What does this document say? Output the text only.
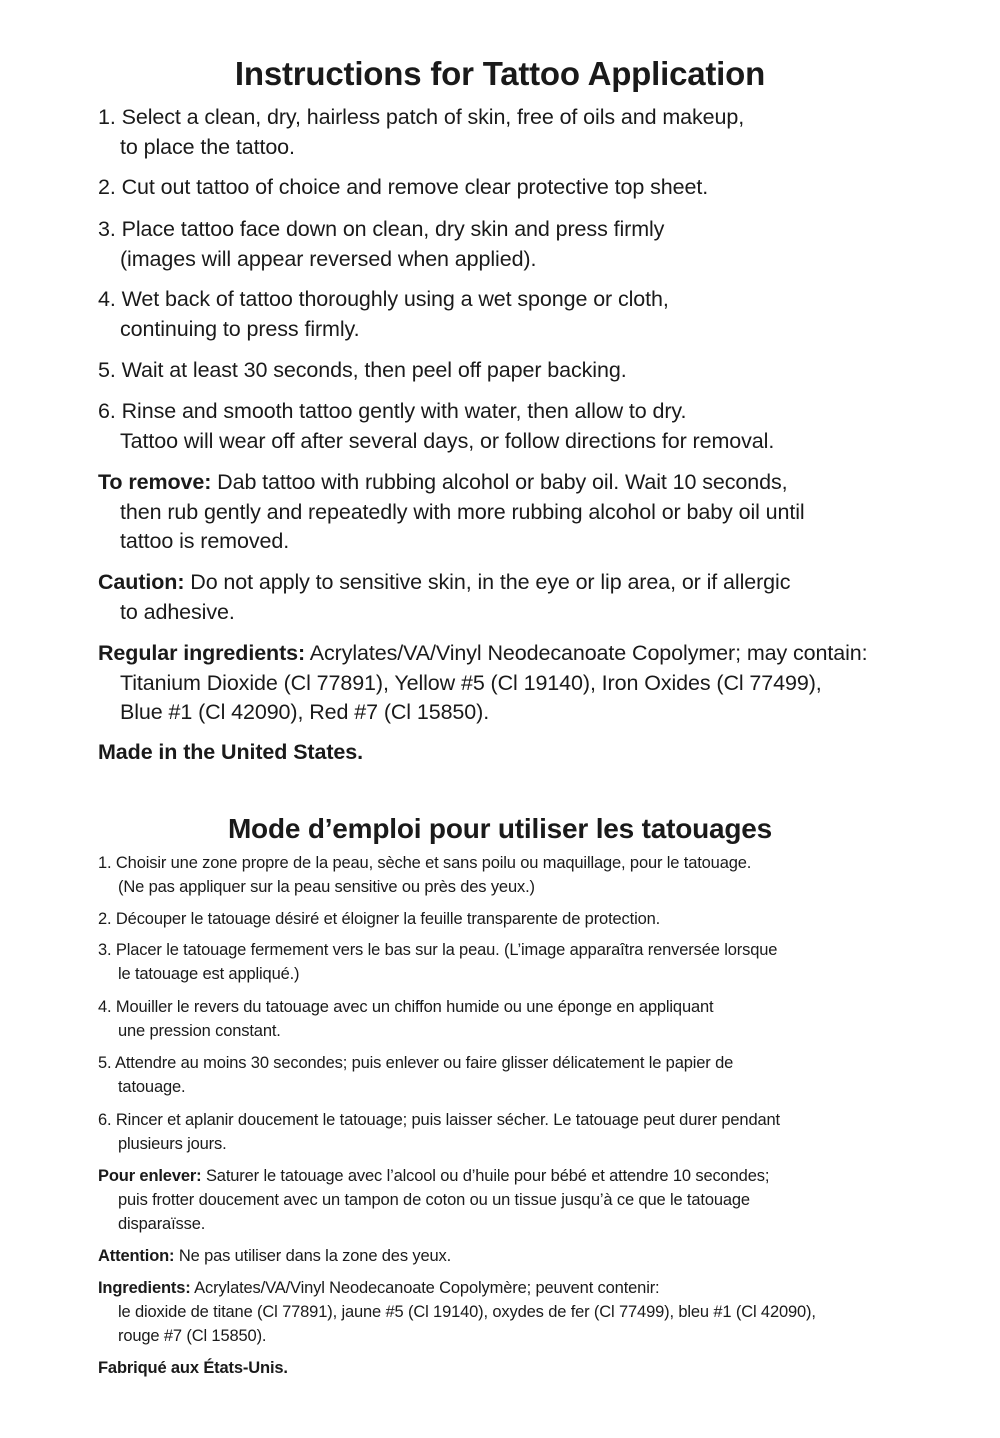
Instructions for Tattoo Application

1. Select a clean, dry, hairless patch of skin, free of oils and makeup,
to place the tattoo.

2. Cut out tattoo of choice and remove clear protective top sheet.

3. Place tattoo face down on clean, dry skin and press firmly
(images will appear reversed when applied).

4. Wet back of tattoo thoroughly using a wet sponge or cloth,
continuing to press firmly.

5. Wait at least 30 seconds, then peel off paper backing.

6. Rinse and smooth tattoo gently with water, then allow to dry.
Tattoo will wear off after several days, or follow directions for removal.

To remove: Dab tattoo with rubbing alcohol or baby oil. Wait 10 seconds,
then rub gently and repeatedly with more rubbing alcohol or baby oil until
tattoo is removed.

Caution: Do not apply to sensitive skin, in the eye or lip area, or if allergic
to adhesive.

Regular ingredients: Acrylates/VA/Vinyl Neodecanoate Copolymer; may contain:
Titanium Dioxide (Cl 77891), Yellow #5 (Cl 19140), Iron Oxides (Cl 77499),
Blue #1 (Cl 42090), Red #7 (Cl 15850).

Made in the United States.

Mode d’emploi pour utiliser les tatouages

1. Choisir une zone propre de la peau, sèche et sans poilu ou maquillage, pour le tatouage.
(Ne pas appliquer sur la peau sensitive ou près des yeux.)

2. Découper le tatouage désiré et éloigner la feuille transparente de protection.

3. Placer le tatouage fermement vers le bas sur la peau. (L’image apparaîtra renversée lorsque
le tatouage est appliqué.)

4. Mouiller le revers du tatouage avec un chiffon humide ou une éponge en appliquant
une pression constant.

5. Attendre au moins 30 secondes; puis enlever ou faire glisser délicatement le papier de
tatouage.

6. Rincer et aplanir doucement le tatouage; puis laisser sécher. Le tatouage peut durer pendant
plusieurs jours.

Pour enlever: Saturer le tatouage avec l’alcool ou d’huile pour bébé et attendre 10 secondes;
puis frotter doucement avec un tampon de coton ou un tissue jusqu’à ce que le tatouage
disparaïsse.

Attention: Ne pas utiliser dans la zone des yeux.

Ingredients: Acrylates/VA/Vinyl Neodecanoate Copolymère; peuvent contenir:
le dioxide de titane (Cl 77891), jaune #5 (Cl 19140), oxydes de fer (Cl 77499), bleu #1 (Cl 42090),
rouge #7 (Cl 15850).

Fabriqué aux États-Unis.
